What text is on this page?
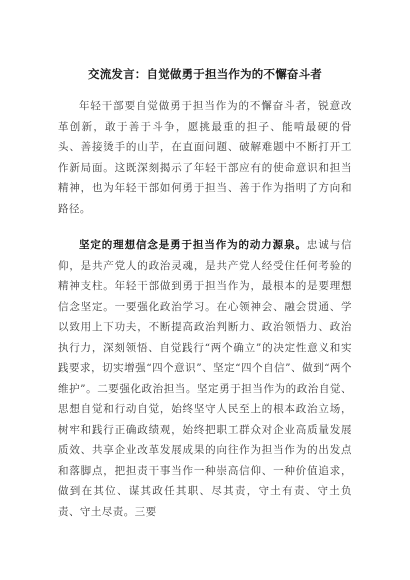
交流发言：自觉做勇于担当作为的不懈奋斗者

年轻干部要自觉做勇于担当作为的不懈奋斗者，锐意改革创新，敢于善于斗争，愿挑最重的担子、能啃最硬的骨头、善接烫手的山芋，在直面问题、破解难题中不断打开工作新局面。这既深刻揭示了年轻干部应有的使命意识和担当精神，也为年轻干部如何勇于担当、善于作为指明了方向和路径。

坚定的理想信念是勇于担当作为的动力源泉。忠诚与信仰，是共产党人的政治灵魂，是共产党人经受住任何考验的精神支柱。年轻干部做到勇于担当作为，最根本的是要理想信念坚定。一要强化政治学习。在心领神会、融会贯通、学以致用上下功夫，不断提高政治判断力、政治领悟力、政治执行力，深刻领悟、自觉践行“两个确立”的决定性意义和实践要求，切实增强“四个意识”、坚定“四个自信”、做到“两个维护”。二要强化政治担当。坚定勇于担当作为的政治自觉、思想自觉和行动自觉，始终坚守人民至上的根本政治立场，树牢和践行正确政绩观，始终把职工群众对企业高质量发展质效、共享企业改革发展成果的向往作为担当作为的出发点和落脚点，把担责干事当作一种崇高信仰、一种价值追求，做到在其位、谋其政任其职、尽其责，守土有责、守土负责、守土尽责。三要
